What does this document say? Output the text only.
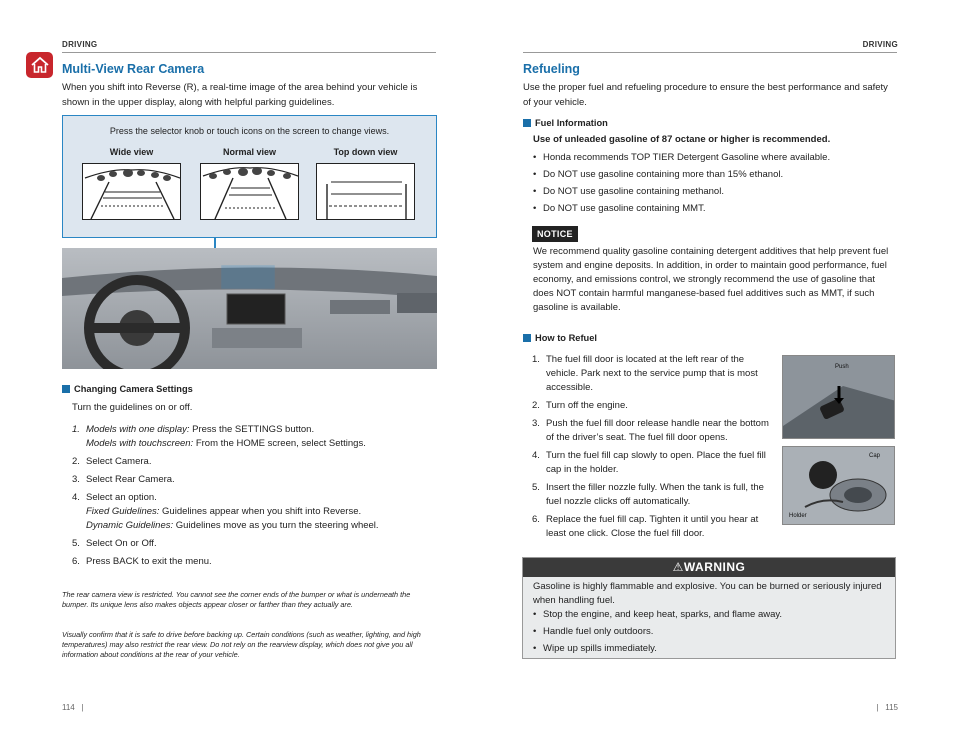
DRIVING
Multi-View Rear Camera

When you shift into Reverse (R), a real-time image of the area behind your vehicle is shown in the upper display, along with helpful parking guidelines.

Press the selector knob or touch icons on the screen to change views.
Wide view	Normal view	Top down view
Changing Camera Settings
Turn the guidelines on or off.
1. Models with one display: Press the SETTINGS button.
Models with touchscreen: From the HOME screen, select Settings.
2. Select Camera.
3. Select Rear Camera.
4. Select an option.
Fixed Guidelines: Guidelines appear when you shift into Reverse.
Dynamic Guidelines: Guidelines move as you turn the steering wheel.
5. Select On or Off.
6. Press BACK to exit the menu.
The rear camera view is restricted. You cannot see the corner ends of the bumper or what is underneath the bumper. Its unique lens also makes objects appear closer or farther than they actually are.
Visually confirm that it is safe to drive before backing up. Certain conditions (such as weather, lighting, and high temperatures) may also restrict the rear view. Do not rely on the rearview display, which does not give you all information about conditions at the rear of your vehicle.
114   |
DRIVING
Refueling

Use the proper fuel and refueling procedure to ensure the best performance and safety of your vehicle.

Fuel Information
Use of unleaded gasoline of 87 octane or higher is recommended.
• Honda recommends TOP TIER Detergent Gasoline where available.
• Do NOT use gasoline containing more than 15% ethanol.
• Do NOT use gasoline containing methanol.
• Do NOT use gasoline containing MMT.

We recommend quality gasoline containing detergent additives that help prevent fuel system and engine deposits. In addition, in order to maintain good performance, fuel economy, and emissions control, we strongly recommend the use of gasoline that does NOT contain harmful manganese-based fuel additives such as MMT, if such gasoline is available.

How to Refuel
1. The fuel fill door is located at the left rear of the vehicle. Park next to the service pump that is most accessible.
2. Turn off the engine.
3. Push the fuel fill door release handle near the bottom of the driver’s seat. The fuel fill door opens.
4. Turn the fuel fill cap slowly to open. Place the fuel fill cap in the holder.
5. Insert the filler nozzle fully. When the tank is full, the fuel nozzle clicks off automatically.
6. Replace the fuel fill cap. Tighten it until you hear at least one click. Close the fuel fill door.
Push
Cap
Holder
⚠WARNING
Gasoline is highly flammable and explosive. You can be burned or seriously injured when handling fuel.
• Stop the engine, and keep heat, sparks, and flame away.
• Handle fuel only outdoors.
• Wipe up spills immediately.
|   115
NOTICE
